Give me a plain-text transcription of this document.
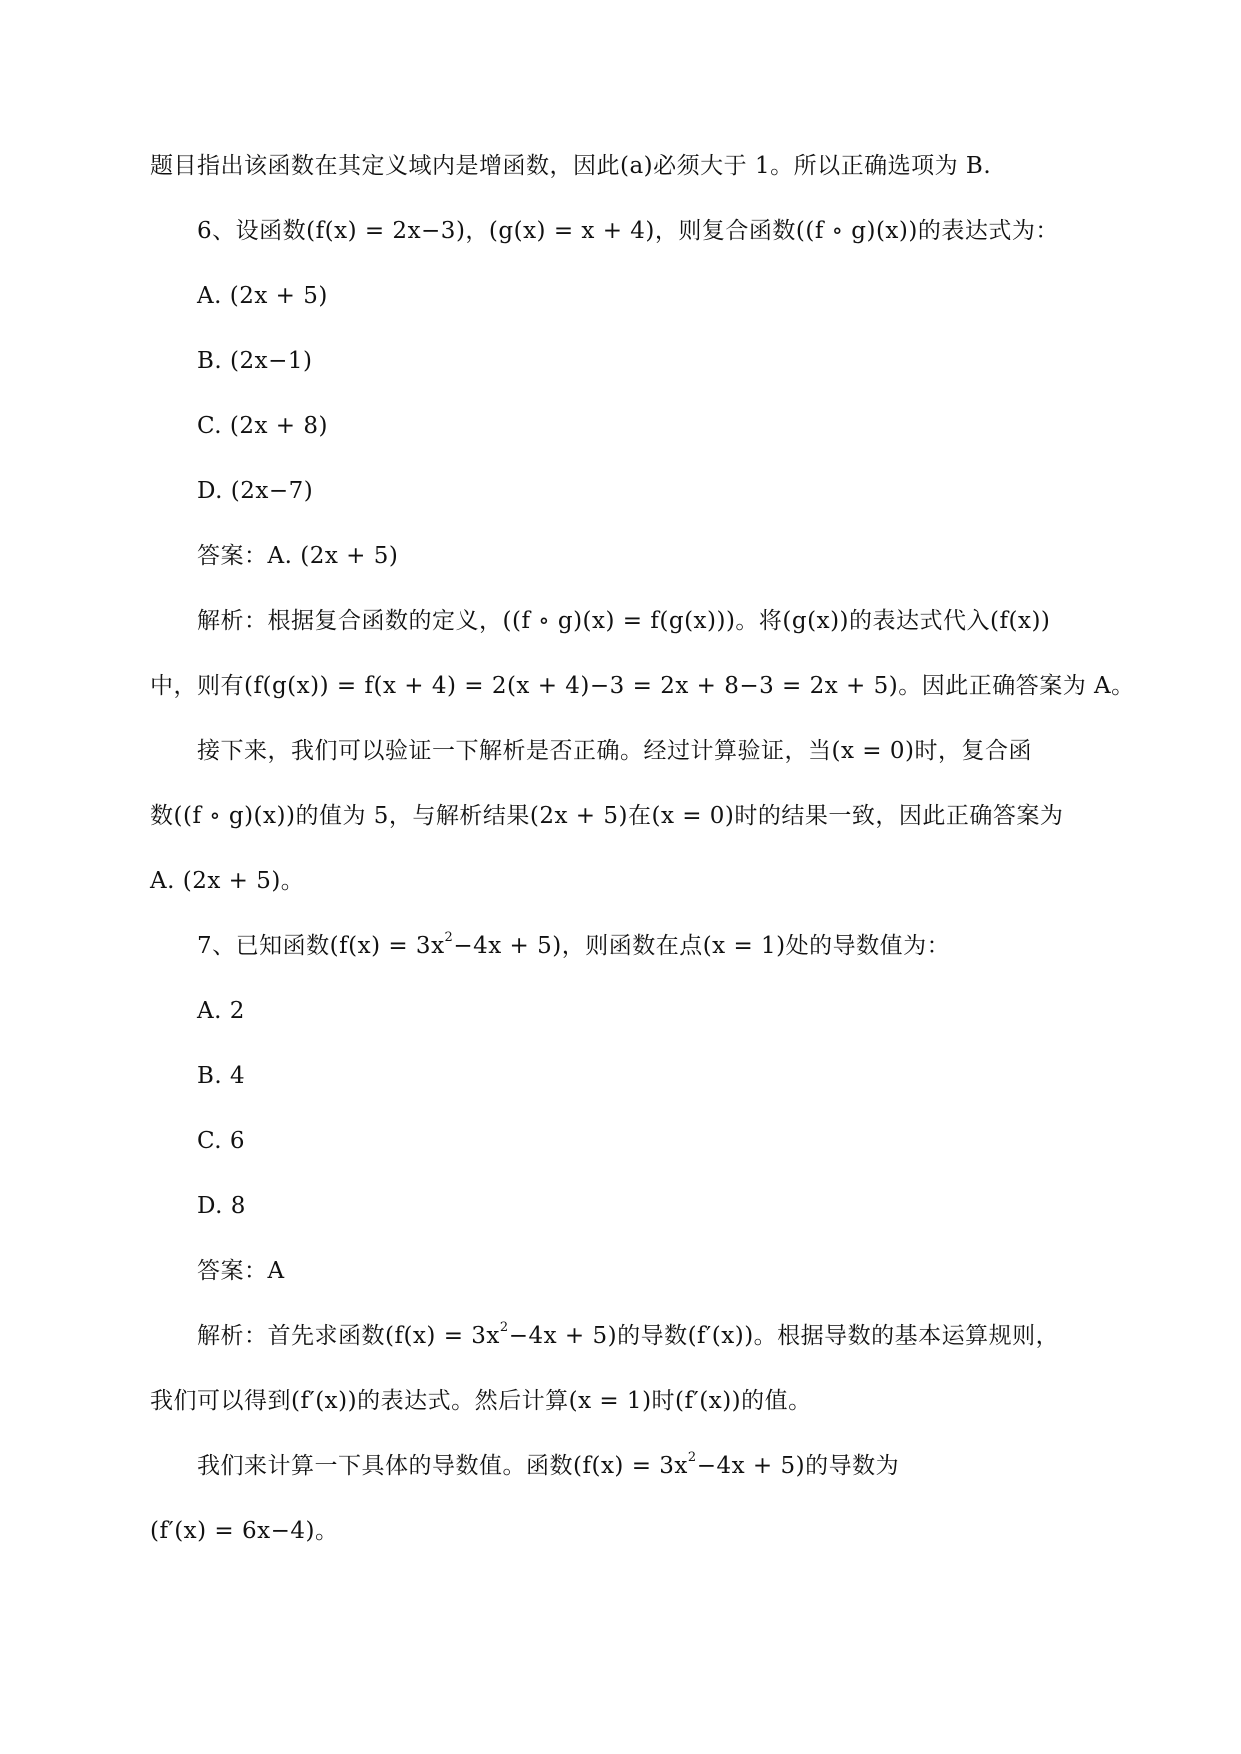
题目指出该函数在其定义域内是增函数，因此(a)必须大于 1。所以正确选项为 B.
6、设函数(f(x) = 2x−3)，(g(x) = x + 4)，则复合函数((f ∘ g)(x))的表达式为：
A. (2x + 5)
B. (2x−1)
C. (2x + 8)
D. (2x−7)
答案：A. (2x + 5)
解析：根据复合函数的定义，((f ∘ g)(x) = f(g(x)))。将(g(x))的表达式代入(f(x))
中，则有(f(g(x)) = f(x + 4) = 2(x + 4)−3 = 2x + 8−3 = 2x + 5)。因此正确答案为 A。
接下来，我们可以验证一下解析是否正确。经过计算验证，当(x = 0)时，复合函
数((f ∘ g)(x))的值为 5，与解析结果(2x + 5)在(x = 0)时的结果一致，因此正确答案为
A. (2x + 5)。
7、已知函数$(f(x) = 3x^2-4x + 5)$，则函数在点(x = 1)处的导数值为：
A. 2
B. 4
C. 6
D. 8
答案：A
解析：首先求函数$(f(x) = 3x^2-4x + 5)$的导数(f′(x))。根据导数的基本运算规则，
我们可以得到(f′(x))的表达式。然后计算(x = 1)时(f′(x))的值。
我们来计算一下具体的导数值。函数$(f(x) = 3x^2-4x + 5)$的导数为
(f′(x) = 6x−4)。
